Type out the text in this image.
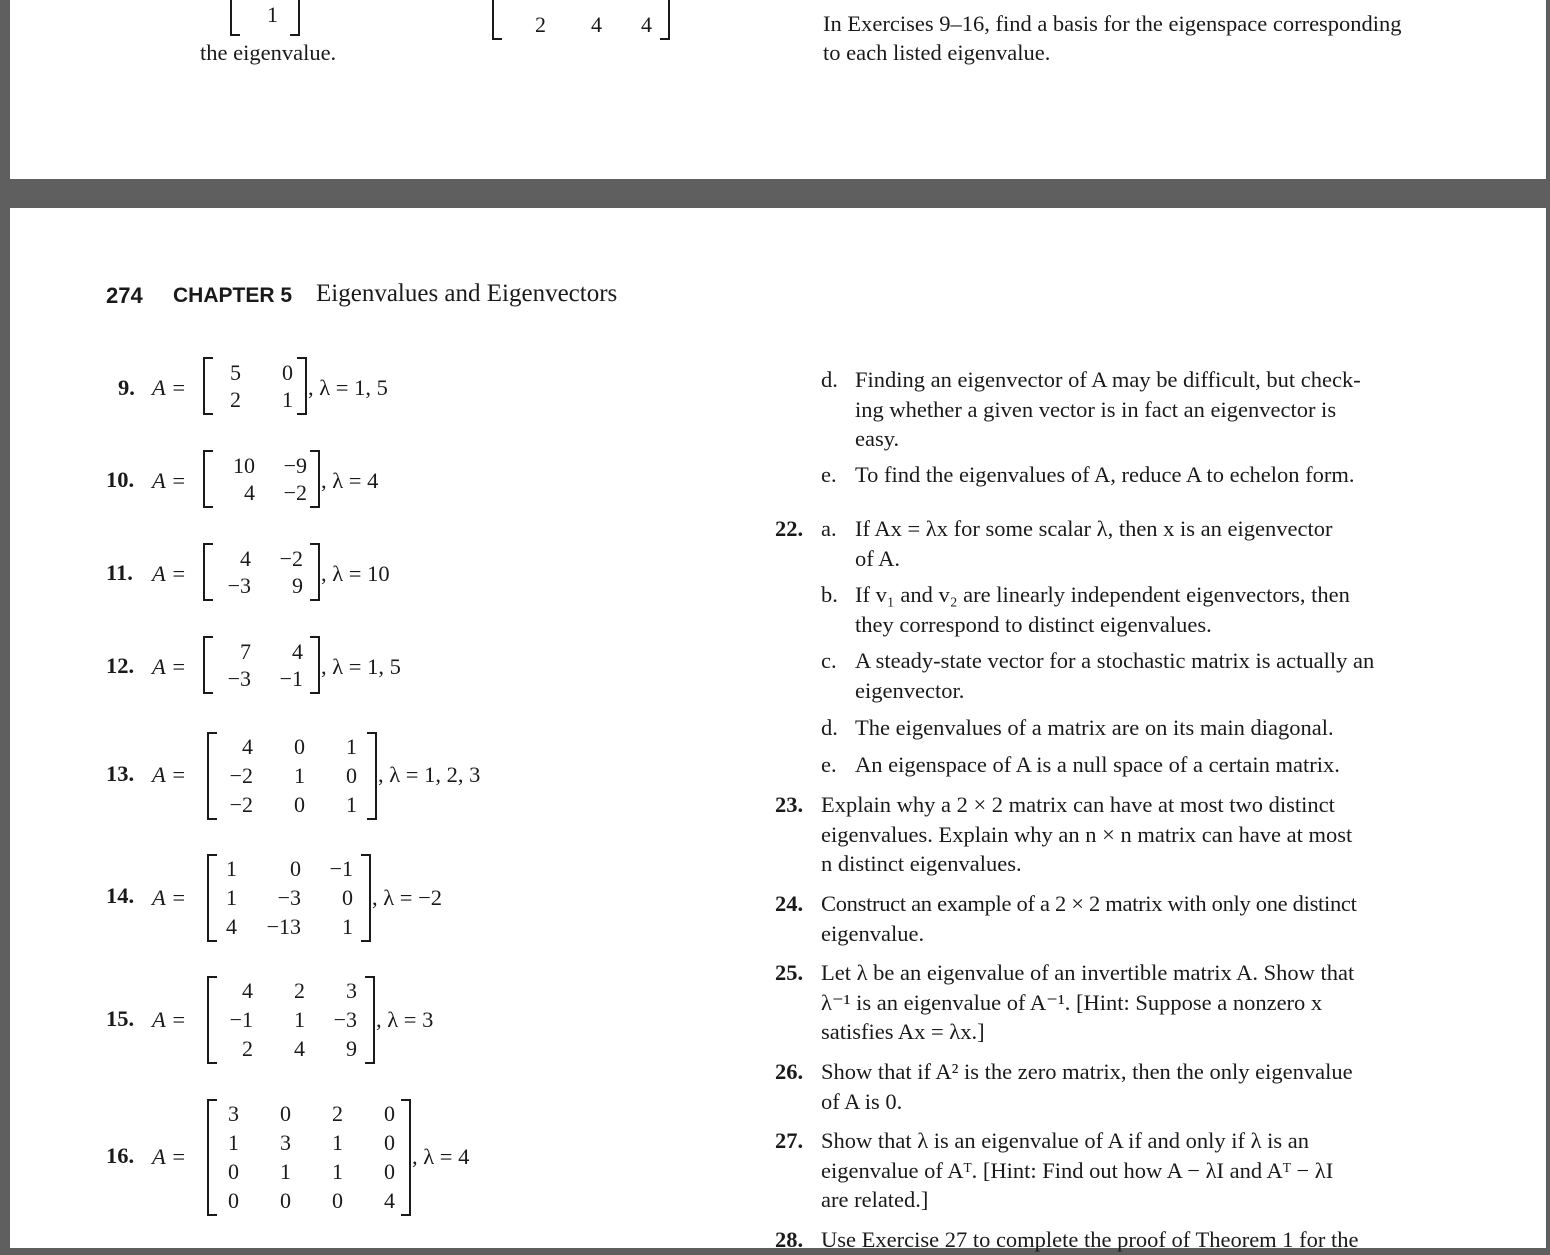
1	2 4 4
the eigenvalue.
In Exercises 9–16, find a basis for the eigenspace corresponding
to each listed eigenvalue.
274 CHAPTER 5 Eigenvalues and Eigenvectors
9. A =
5	0
2	1 , λ = 1, 5
10. A =
10	−9
4	−2 , λ = 4
11. A =
4	−2
−3	9 , λ = 10
12. A =
7	4
−3	−1 , λ = 1, 5
13. A =
4	0	1
−2	1	0
−2	0	1
, λ = 1, 2, 3
14. A =
1	0	−1
1	−3	0
4	−13	1
, λ = −2
15. A =
4	2	3
−1	1	−3
2	4	9
, λ = 3
16. A =
3	0	2	0
1	3	1	0
0	1	1	0
0	0	0	4
, λ = 4
d. Finding an eigenvector of A may be difficult, but check-
ing whether a given vector is in fact an eigenvector is
easy.
e. To find the eigenvalues of A, reduce A to echelon form.
22. a. If Ax = λx for some scalar λ, then x is an eigenvector
of A.
b. If v₁ and v₂ are linearly independent eigenvectors, then
they correspond to distinct eigenvalues.
c. A steady-state vector for a stochastic matrix is actually an
eigenvector.
d. The eigenvalues of a matrix are on its main diagonal.
e. An eigenspace of A is a null space of a certain matrix.
23. Explain why a 2 × 2 matrix can have at most two distinct
eigenvalues. Explain why an n × n matrix can have at most
n distinct eigenvalues.
24. Construct an example of a 2 × 2 matrix with only one distinct
eigenvalue.
25. Let λ be an eigenvalue of an invertible matrix A. Show that
λ⁻¹ is an eigenvalue of A⁻¹. [Hint: Suppose a nonzero x
satisfies Ax = λx.]
26. Show that if A² is the zero matrix, then the only eigenvalue
of A is 0.
27. Show that λ is an eigenvalue of A if and only if λ is an
eigenvalue of Aᵀ. [Hint: Find out how A − λI and Aᵀ − λI
are related.]
28. Use Exercise 27 to complete the proof of Theorem 1 for the
